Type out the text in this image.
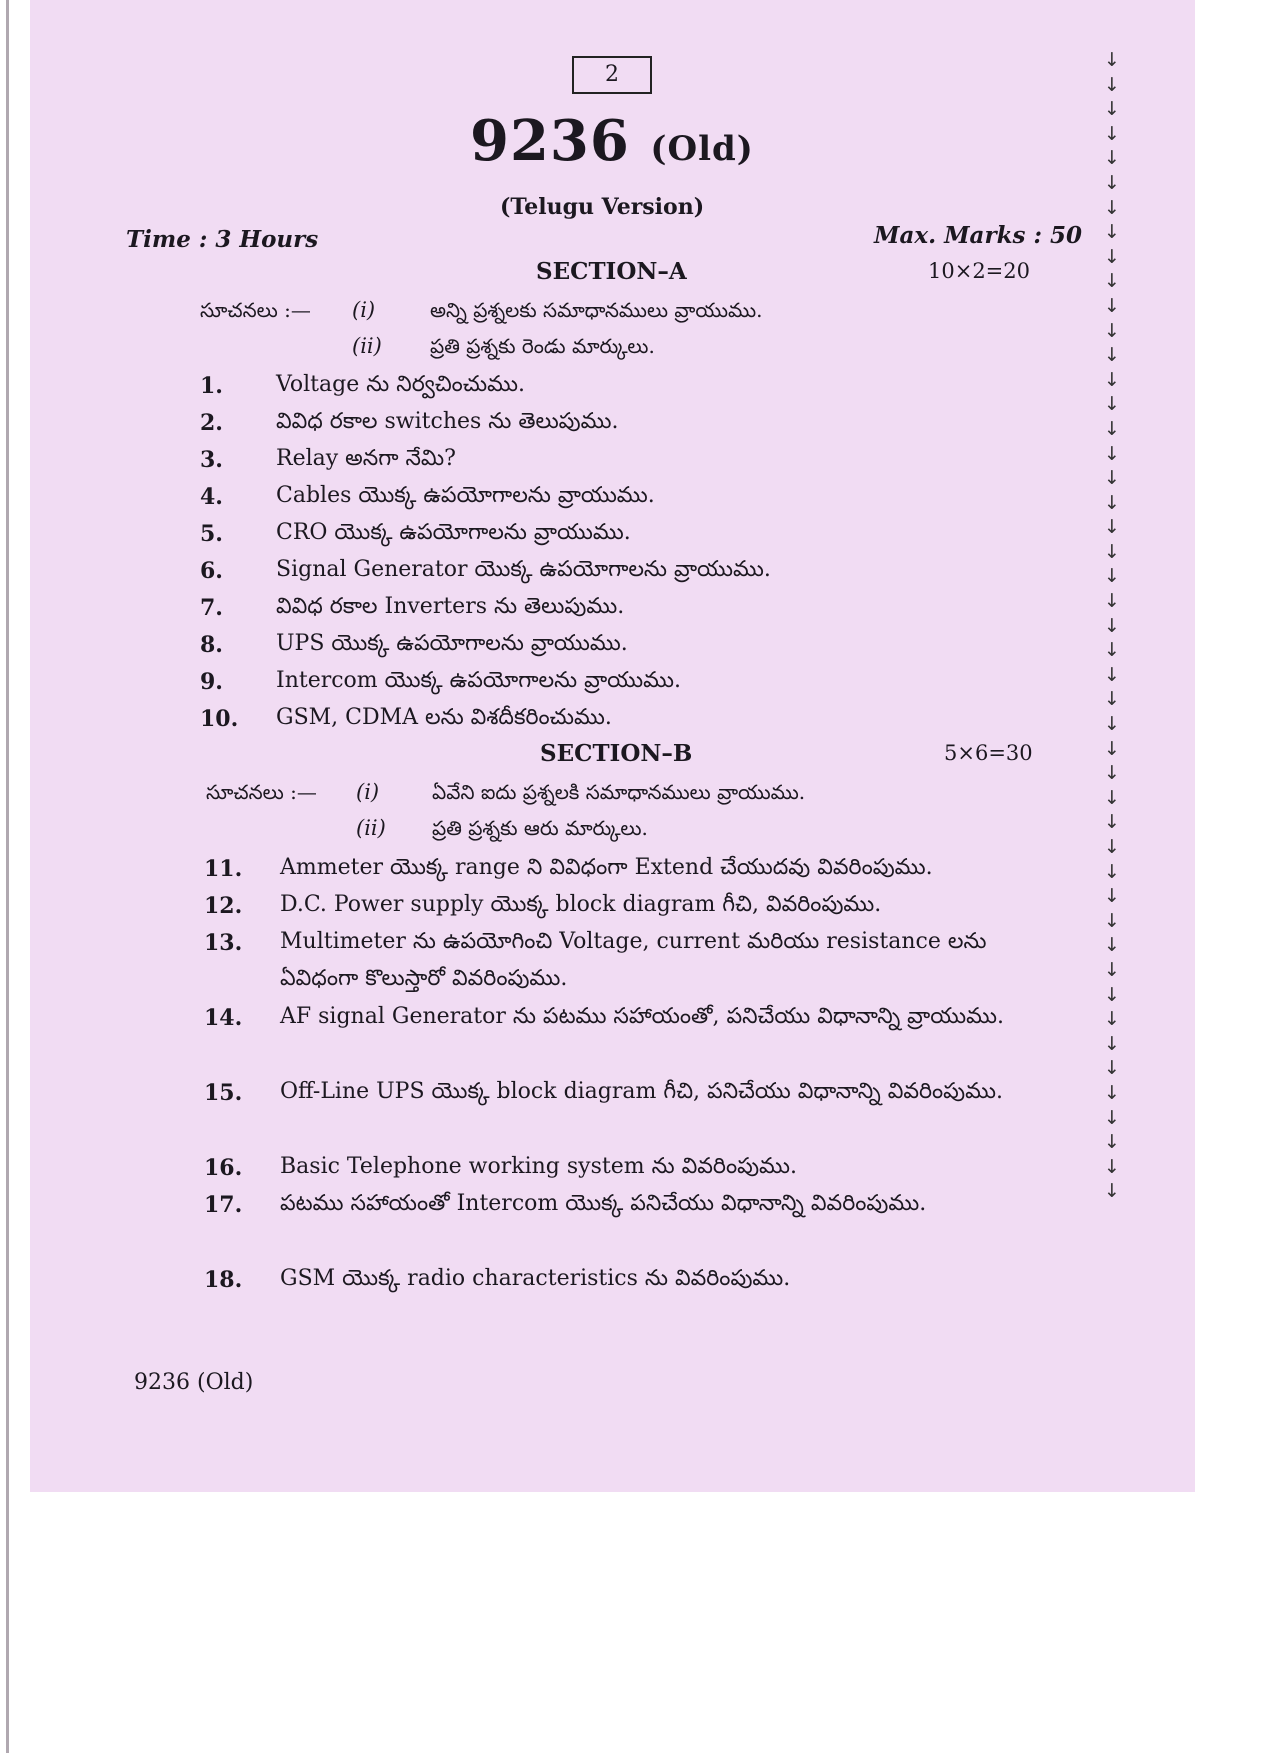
2
9236 (Old)
(Telugu Version)
Time : 3 Hours	Max. Marks : 50
SECTION–A	10×2=20
సూచనలు :— (i)	అన్ని ప్రశ్నలకు సమాధానములు వ్రాయుము.
(ii) ప్రతి ప్రశ్నకు రెండు మార్కులు.
1. Voltage ను నిర్వచించుము.
2. వివిధ రకాల switches ను తెలుపుము.
3. Relay అనగా నేమి?
4. Cables యొక్క ఉపయోగాలను వ్రాయుము.
5. CRO యొక్క ఉపయోగాలను వ్రాయుము.
6. Signal Generator యొక్క ఉపయోగాలను వ్రాయుము.
7. వివిధ రకాల Inverters ను తెలుపుము.
8. UPS యొక్క ఉపయోగాలను వ్రాయుము.
9. Intercom యొక్క ఉపయోగాలను వ్రాయుము.
10. GSM, CDMA లను విశదీకరించుము.
SECTION–B	5×6=30
సూచనలు :— (i)	ఏవేని ఐదు ప్రశ్నలకి సమాధానములు వ్రాయుము.
(ii) ప్రతి ప్రశ్నకు ఆరు మార్కులు.
11. Ammeter యొక్క range ని వివిధంగా Extend చేయుదవు వివరింపుము.
12. D.C. Power supply యొక్క block diagram గీచి, వివరింపుము.
13. Multimeter ను ఉపయోగించి Voltage, current మరియు resistance లను ఏవిధంగా కొలుస్తారో వివరింపుము.
14. AF signal Generator ను పటము సహాయంతో, పనిచేయు విధానాన్ని వ్రాయుము.
15. Off-Line UPS యొక్క block diagram గీచి, పనిచేయు విధానాన్ని వివరింపుము.
16. Basic Telephone working system ను వివరింపుము.
17. పటము సహాయంతో Intercom యొక్క పనిచేయు విధానాన్ని వివరింపుము.
18. GSM యొక్క radio characteristics ను వివరింపుము.
9236 (Old)
↓
↓
↓
↓
↓
↓
↓
↓
↓
↓
↓
↓
↓
↓
↓
↓
↓
↓
↓
↓
↓
↓
↓
↓
↓
↓
↓
↓
↓
↓
↓
↓
↓
↓
↓
↓
↓
↓
↓
↓
↓
↓
↓
↓
↓
↓
↓
